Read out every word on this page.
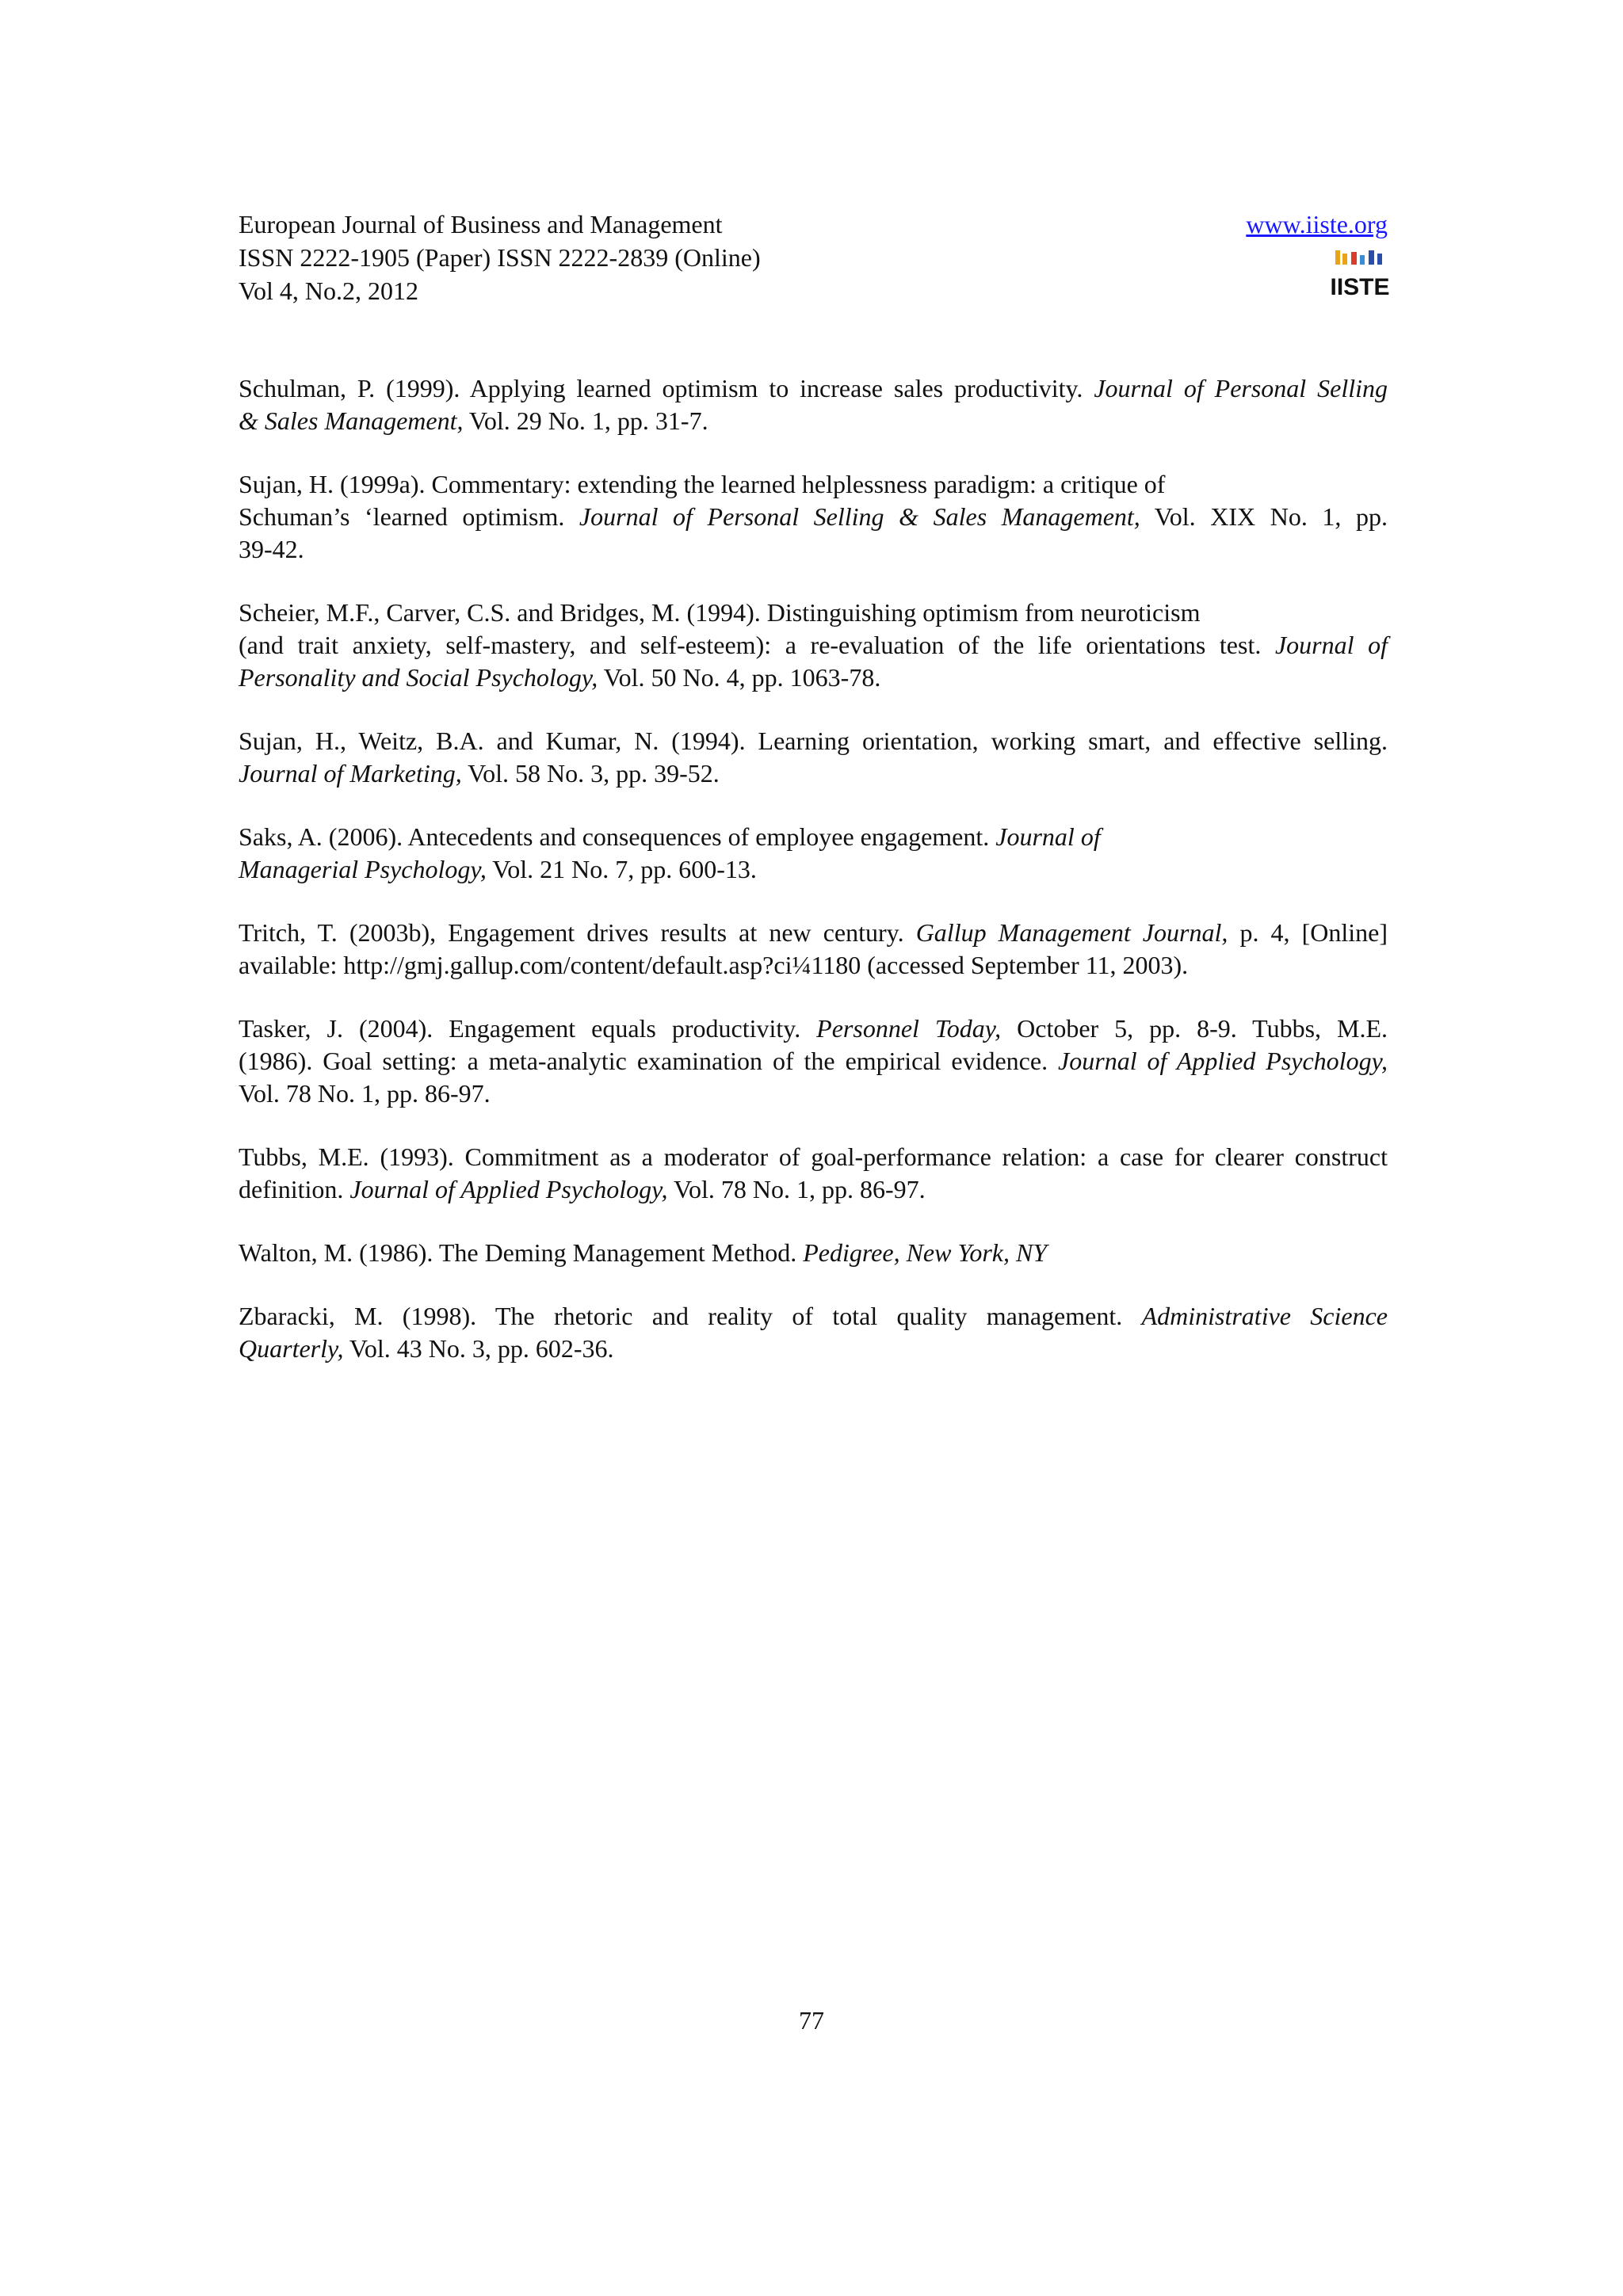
European Journal of Business and Management
ISSN 2222-1905 (Paper) ISSN 2222-2839 (Online)
Vol 4, No.2, 2012
www.iiste.org
IISTE
Schulman, P. (1999). Applying learned optimism to increase sales productivity. Journal of Personal Selling
& Sales Management, Vol. 29 No. 1, pp. 31-7.
Sujan, H. (1999a). Commentary: extending the learned helplessness paradigm: a critique of
Schuman’s ‘learned optimism. Journal of Personal Selling & Sales Management, Vol. XIX No. 1, pp.
39-42.
Scheier, M.F., Carver, C.S. and Bridges, M. (1994). Distinguishing optimism from neuroticism
(and trait anxiety, self-mastery, and self-esteem): a re-evaluation of the life orientations test. Journal of
Personality and Social Psychology, Vol. 50 No. 4, pp. 1063-78.
Sujan, H., Weitz, B.A. and Kumar, N. (1994). Learning orientation, working smart, and effective selling.
Journal of Marketing, Vol. 58 No. 3, pp. 39-52.
Saks, A. (2006). Antecedents and consequences of employee engagement. Journal of
Managerial Psychology, Vol. 21 No. 7, pp. 600-13.
Tritch, T. (2003b), Engagement drives results at new century. Gallup Management Journal, p. 4, [Online]
available: http://gmj.gallup.com/content/default.asp?ci¼1180 (accessed September 11, 2003).
Tasker, J. (2004). Engagement equals productivity. Personnel Today, October 5, pp. 8-9. Tubbs, M.E.
(1986). Goal setting: a meta-analytic examination of the empirical evidence. Journal of Applied Psychology,
Vol. 78 No. 1, pp. 86-97.
Tubbs, M.E. (1993). Commitment as a moderator of goal-performance relation: a case for clearer construct
definition. Journal of Applied Psychology, Vol. 78 No. 1, pp. 86-97.
Walton, M. (1986). The Deming Management Method. Pedigree, New York, NY
Zbaracki, M. (1998). The rhetoric and reality of total quality management. Administrative Science
Quarterly, Vol. 43 No. 3, pp. 602-36.
77
